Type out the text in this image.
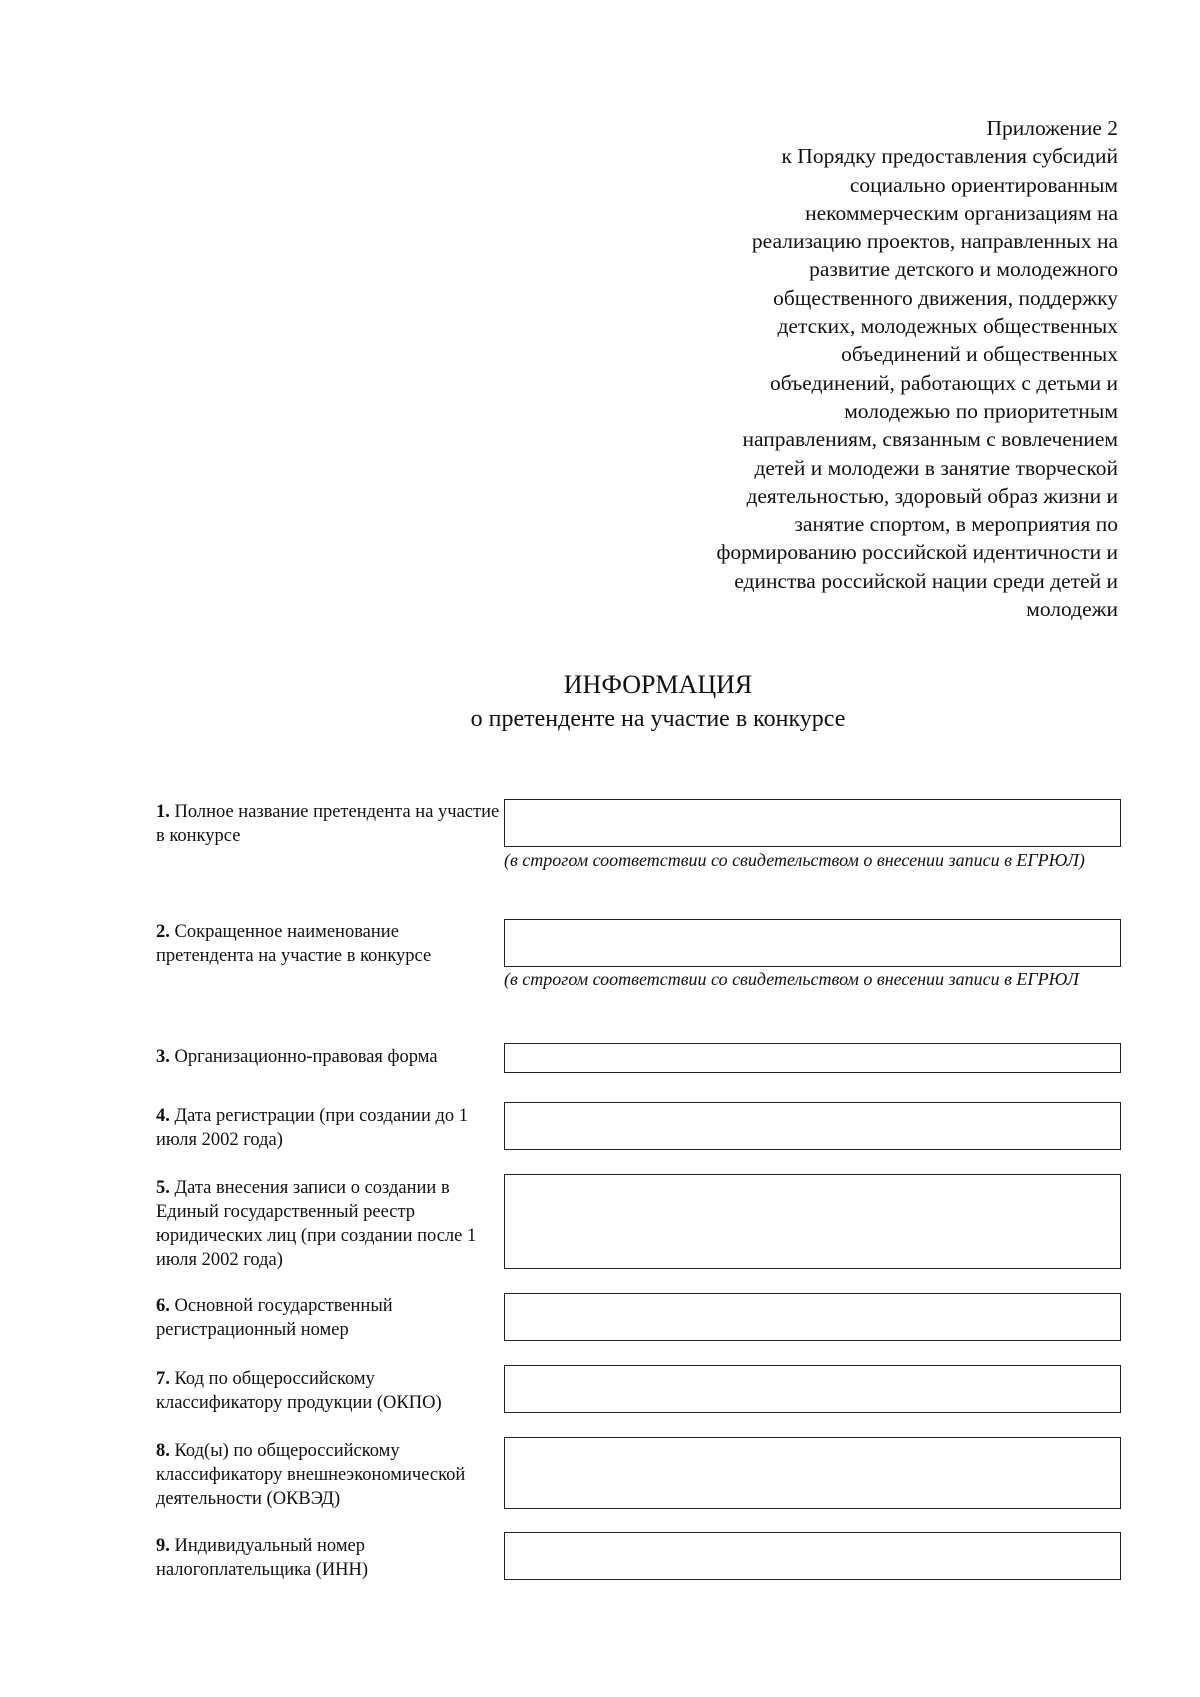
Приложение 2
к Порядку предоставления субсидий
социально ориентированным
некоммерческим организациям на
реализацию проектов, направленных на
развитие детского и молодежного
общественного движения, поддержку
детских, молодежных общественных
объединений и общественных
объединений, работающих с детьми и
молодежью по приоритетным
направлениям, связанным с вовлечением
детей и молодежи в занятие творческой
деятельностью, здоровый образ жизни и
занятие спортом, в мероприятия по
формированию российской идентичности и
единства российской нации среди детей и
молодежи
ИНФОРМАЦИЯ
о претенденте на участие в конкурсе
1. Полное название претендента на участие в конкурсе
(в строгом соответствии со свидетельством о внесении записи в ЕГРЮЛ)
2. Сокращенное наименование претендента на участие в конкурсе
(в строгом соответствии со свидетельством о внесении записи в ЕГРЮЛ
3. Организационно-правовая форма
4. Дата регистрации (при создании до 1 июля 2002 года)
5. Дата внесения записи о создании в Единый государственный реестр юридических лиц (при создании после 1 июля 2002 года)
6. Основной государственный регистрационный номер
7. Код по общероссийскому классификатору продукции (ОКПО)
8. Код(ы) по общероссийскому классификатору внешнеэкономической деятельности (ОКВЭД)
9. Индивидуальный номер налогоплательщика (ИНН)
